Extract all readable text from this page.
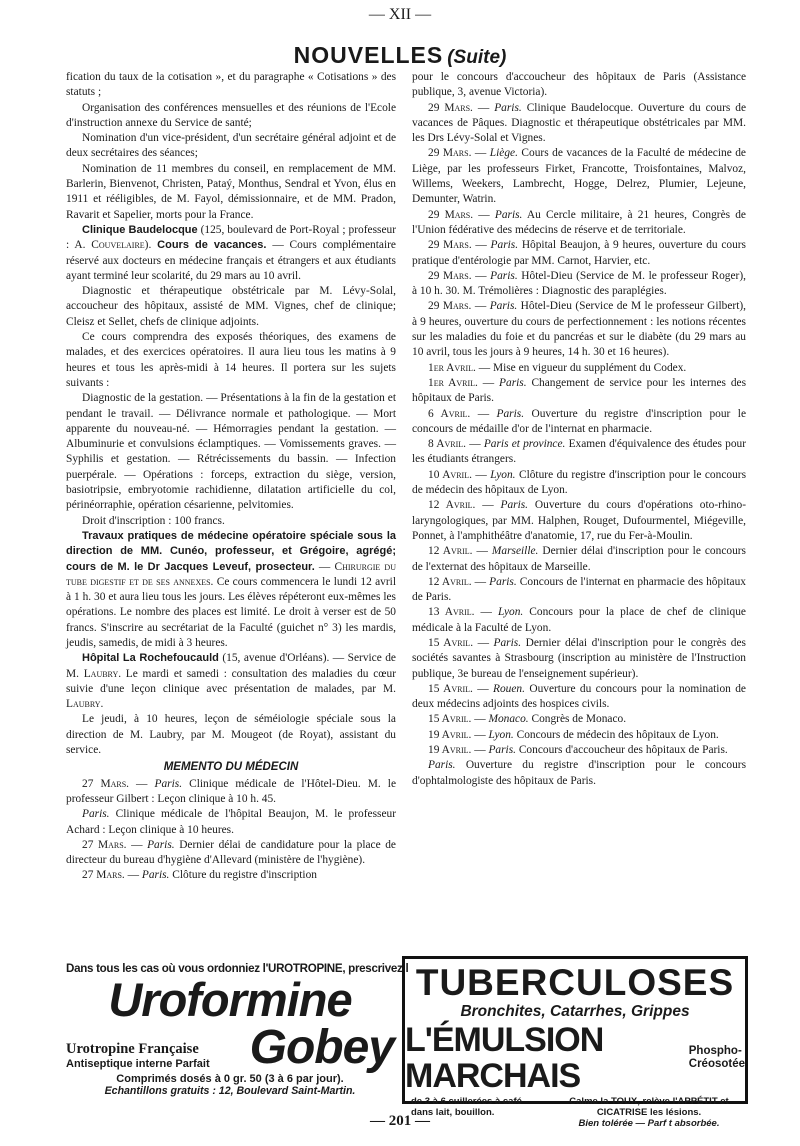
— XII —
NOUVELLES (Suite)

fication du taux de la cotisation », et du paragraphe « Cotisations » des statuts ;

Organisation des conférences mensuelles et des réunions de l'Ecole d'instruction annexe du Service de santé;

Nomination d'un vice-président, d'un secrétaire général adjoint et de deux secrétaires des séances;

Nomination de 11 membres du conseil, en remplacement de MM. Barlerin, Bienvenot, Christen, Pataý, Monthus, Sendral et Yvon, élus en 1911 et rééligibles, de M. Fayol, démissionnaire, et de MM. Pradon, Ravarit et Sapelier, morts pour la France.

Clinique Baudelocque (125, boulevard de Port-Royal ; professeur : A. Couvelaire). Cours de vacances. — Cours complémentaire réservé aux docteurs en médecine français et étrangers et aux étudiants ayant terminé leur scolarité, du 29 mars au 10 avril.

Diagnostic et thérapeutique obstétricale par M. Lévy-Solal, accoucheur des hôpitaux, assisté de MM. Vignes, chef de clinique; Cleisz et Sellet, chefs de clinique adjoints.

Ce cours comprendra des exposés théoriques, des examens de malades, et des exercices opératoires. Il aura lieu tous les matins à 9 heures et tous les après-midi à 14 heures. Il portera sur les sujets suivants :

Diagnostic de la gestation. — Présentations à la fin de la gestation et pendant le travail. — Délivrance normale et pathologique. — Mort apparente du nouveau-né. — Hémorragies pendant la gestation. — Albuminurie et convulsions éclamptiques. — Vomissements graves. — Syphilis et gestation. — Rétrécissements du bassin. — Infection puerpérale. — Opérations : forceps, extraction du siège, version, basiotripsie, embryotomie rachidienne, dilatation artificielle du col, périnéorraphie, opération césarienne, pelvitomies.

Droit d'inscription : 100 francs.

Travaux pratiques de médecine opératoire spéciale sous la direction de MM. Cunéo, professeur, et Grégoire, agrégé; cours de M. le Dr Jacques Leveuf, prosecteur. — Chirurgie du tube digestif et de ses annexes. Ce cours commencera le lundi 12 avril à 1 h. 30 et aura lieu tous les jours. Les élèves répéteront eux-mêmes les opérations. Le nombre des places est limité. Le droit à verser est de 50 francs. S'inscrire au secrétariat de la Faculté (guichet n° 3) les mardis, jeudis, samedis, de midi à 3 heures.

Hôpital La Rochefoucauld (15, avenue d'Orléans). — Service de M. Laubry. Le mardi et samedi : consultation des maladies du cœur suivie d'une leçon clinique avec présentation de malades, par M. Laubry.

Le jeudi, à 10 heures, leçon de séméiologie spéciale sous la direction de M. Laubry, par M. Mougeot (de Royat), assistant du service.

MEMENTO DU MÉDECIN

27 Mars. — Paris. Clinique médicale de l'Hôtel-Dieu. M. le professeur Gilbert : Leçon clinique à 10 h. 45.

Paris. Clinique médicale de l'hôpital Beaujon, M. le professeur Achard : Leçon clinique à 10 heures.

27 Mars. — Paris. Dernier délai de candidature pour la place de directeur du bureau d'hygiène d'Allevard (ministère de l'hygiène).

27 Mars. — Paris. Clôture du registre d'inscription

pour le concours d'accoucheur des hôpitaux de Paris (Assistance publique, 3, avenue Victoria).

29 Mars. — Paris. Clinique Baudelocque. Ouverture du cours de vacances de Pâques. Diagnostic et thérapeutique obstétricales par MM. les Drs Lévy-Solal et Vignes.

29 Mars. — Liège. Cours de vacances de la Faculté de médecine de Liège, par les professeurs Firket, Francotte, Troisfontaines, Malvoz, Willems, Weekers, Lambrecht, Hogge, Delrez, Plumier, Lejeune, Demunter, Watrin.

29 Mars. — Paris. Au Cercle militaire, à 21 heures, Congrès de l'Union fédérative des médecins de réserve et de territoriale.

29 Mars. — Paris. Hôpital Beaujon, à 9 heures, ouverture du cours pratique d'entérologie par MM. Carnot, Harvier, etc.

29 Mars. — Paris. Hôtel-Dieu (Service de M. le professeur Roger), à 10 h. 30. M. Trémolières : Diagnostic des paraplégies.

29 Mars. — Paris. Hôtel-Dieu (Service de M le professeur Gilbert), à 9 heures, ouverture du cours de perfectionnement : les notions récentes sur les maladies du foie et du pancréas et sur le diabète (du 29 mars au 10 avril, tous les jours à 9 heures, 14 h. 30 et 16 heures).

1er Avril. — Mise en vigueur du supplément du Codex.

1er Avril. — Paris. Changement de service pour les internes des hôpitaux de Paris.

6 Avril. — Paris. Ouverture du registre d'inscription pour le concours de médaille d'or de l'internat en pharmacie.

8 Avril. — Paris et province. Examen d'équivalence des études pour les étudiants étrangers.

10 Avril. — Lyon. Clôture du registre d'inscription pour le concours de médecin des hôpitaux de Lyon.

12 Avril. — Paris. Ouverture du cours d'opérations oto-rhino-laryngologiques, par MM. Halphen, Rouget, Dufourmentel, Miégeville, Ponnet, à l'amphithéâtre d'anatomie, 17, rue du Fer-à-Moulin.

12 Avril. — Marseille. Dernier délai d'inscription pour le concours de l'externat des hôpitaux de Marseille.

12 Avril. — Paris. Concours de l'internat en pharmacie des hôpitaux de Paris.

13 Avril. — Lyon. Concours pour la place de chef de clinique médicale à la Faculté de Lyon.

15 Avril. — Paris. Dernier délai d'inscription pour le congrès des sociétés savantes à Strasbourg (inscription au ministère de l'Instruction publique, 3e bureau de l'enseignement supérieur).

15 Avril. — Rouen. Ouverture du concours pour la nomination de deux médecins adjoints des hospices civils.

15 Avril. — Monaco. Congrès de Monaco.

19 Avril. — Lyon. Concours de médecin des hôpitaux de Lyon.

19 Avril. — Paris. Concours d'accoucheur des hôpitaux de Paris.

Paris. Ouverture du registre d'inscription pour le concours d'ophtalmologiste des hôpitaux de Paris.

Dans tous les cas où vous ordonniez l'UROTROPINE, prescrivez l
Uroformine
Urotropine Française
Antiseptique interne Parfait Gobey
Comprimés dosés à 0 gr. 50 (3 à 6 par jour).
Echantillons gratuits : 12, Boulevard Saint-Martin.
TUBERCULOSES
Bronchites, Catarrhes, Grippes
L'ÉMULSION MARCHAIS
Phospho-Créosotée
de 3 à 6 cuillerées à café dans lait, bouillon.
Calme la TOUX, relève l'APPÉTIT et CICATRISE les lésions.
Bien tolérée — Parf t absorbée.
— 201 —
